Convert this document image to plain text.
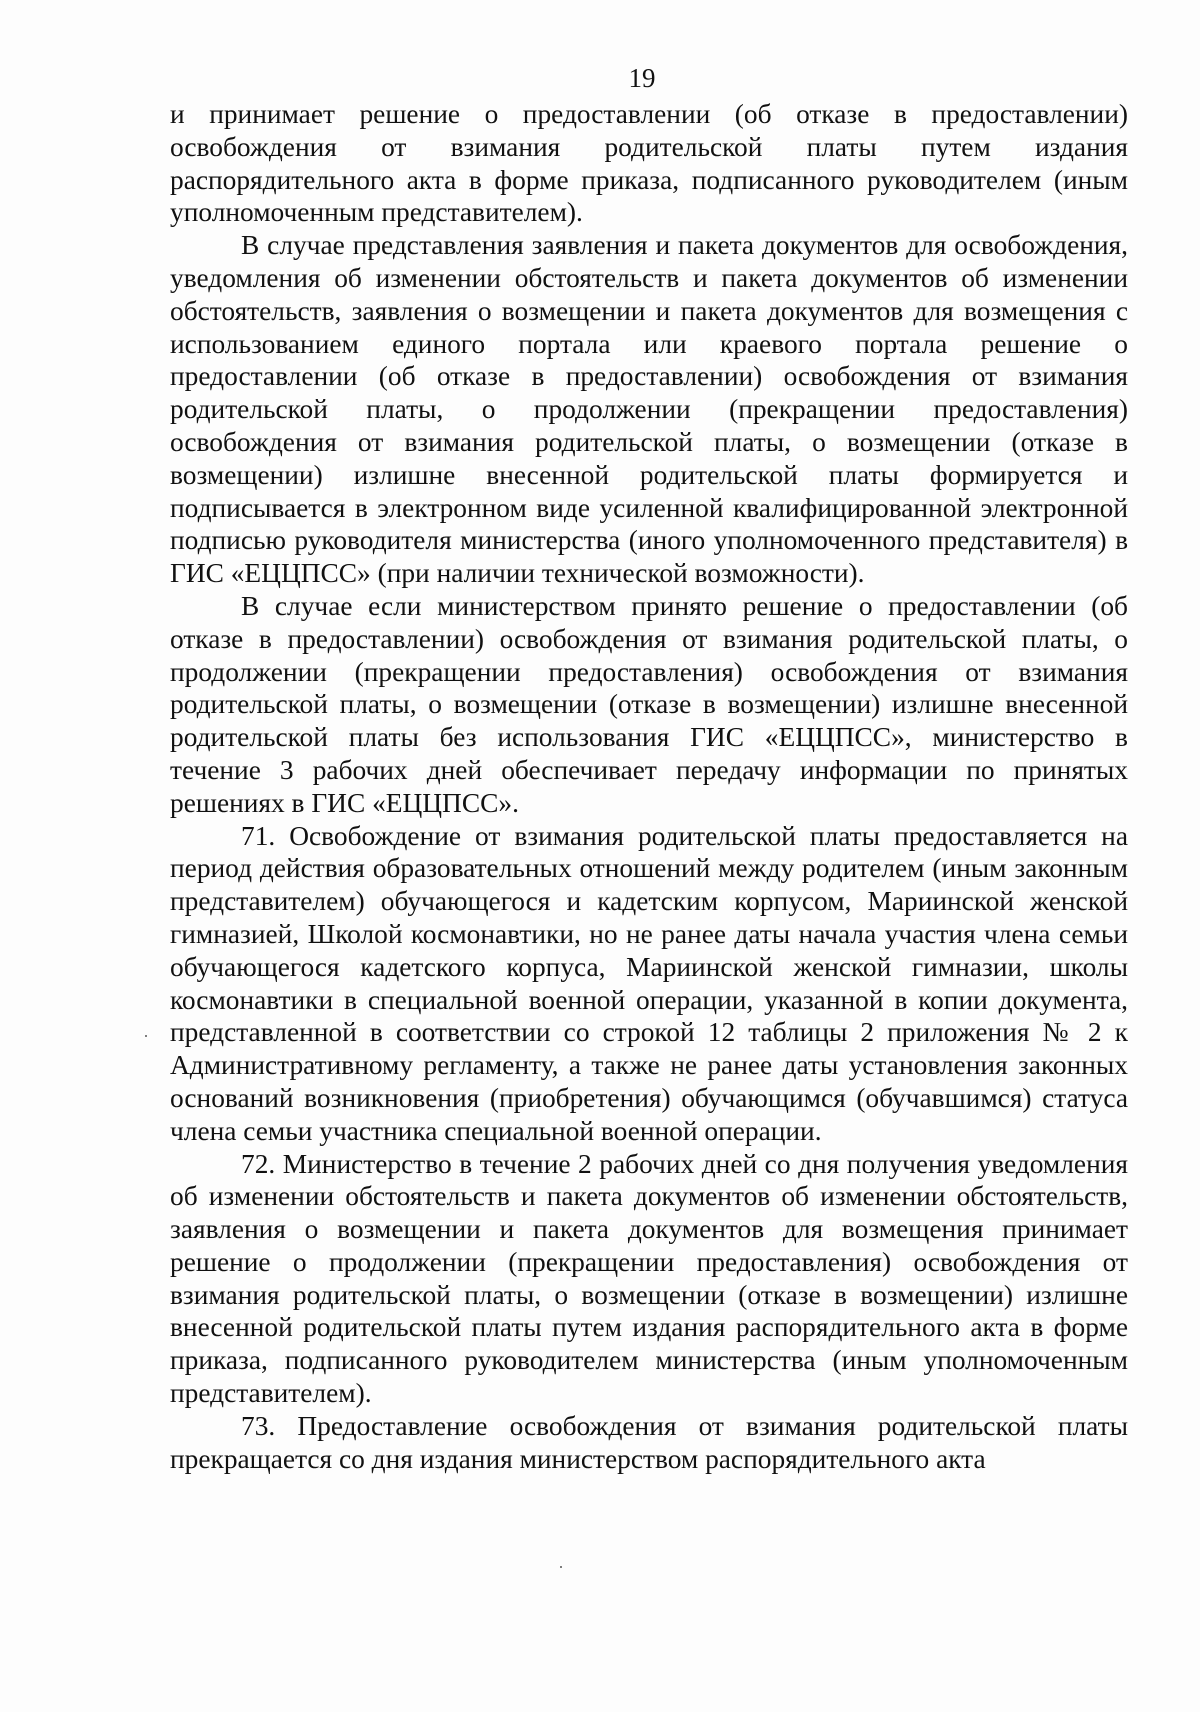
19

и принимает решение о предоставлении (об отказе в предоставлении) освобождения от взимания родительской платы путем издания распорядительного акта в форме приказа, подписанного руководителем (иным уполномоченным представителем).

В случае представления заявления и пакета документов для освобождения, уведомления об изменении обстоятельств и пакета документов об изменении обстоятельств, заявления о возмещении и пакета документов для возмещения с использованием единого портала или краевого портала решение о предоставлении (об отказе в предоставлении) освобождения от взимания родительской платы, о продолжении (прекращении предоставления) освобождения от взимания родительской платы, о возмещении (отказе в возмещении) излишне внесенной родительской платы формируется и подписывается в электронном виде усиленной квалифицированной электронной подписью руководителя министерства (иного уполномоченного представителя) в ГИС «ЕЦЦПСС» (при наличии технической возможности).

В случае если министерством принято решение о предоставлении (об отказе в предоставлении) освобождения от взимания родительской платы, о продолжении (прекращении предоставления) освобождения от взимания родительской платы, о возмещении (отказе в возмещении) излишне внесенной родительской платы без использования ГИС «ЕЦЦПСС», министерство в течение 3 рабочих дней обеспечивает передачу информации по принятых решениях в ГИС «ЕЦЦПСС».

71. Освобождение от взимания родительской платы предоставляется на период действия образовательных отношений между родителем (иным законным представителем) обучающегося и кадетским корпусом, Мариинской женской гимназией, Школой космонавтики, но не ранее даты начала участия члена семьи обучающегося кадетского корпуса, Мариинской женской гимназии, школы космонавтики в специальной военной операции, указанной в копии документа, представленной в соответствии со строкой 12 таблицы 2 приложения № 2 к Административному регламенту, а также не ранее даты установления законных оснований возникновения (приобретения) обучающимся (обучавшимся) статуса члена семьи участника специальной военной операции.

72. Министерство в течение 2 рабочих дней со дня получения уведомления об изменении обстоятельств и пакета документов об изменении обстоятельств, заявления о возмещении и пакета документов для возмещения принимает решение о продолжении (прекращении предоставления) освобождения от взимания родительской платы, о возмещении (отказе в возмещении) излишне внесенной родительской платы путем издания распорядительного акта в форме приказа, подписанного руководителем министерства (иным уполномоченным представителем).

73. Предоставление освобождения от взимания родительской платы прекращается со дня издания министерством распорядительного акта
